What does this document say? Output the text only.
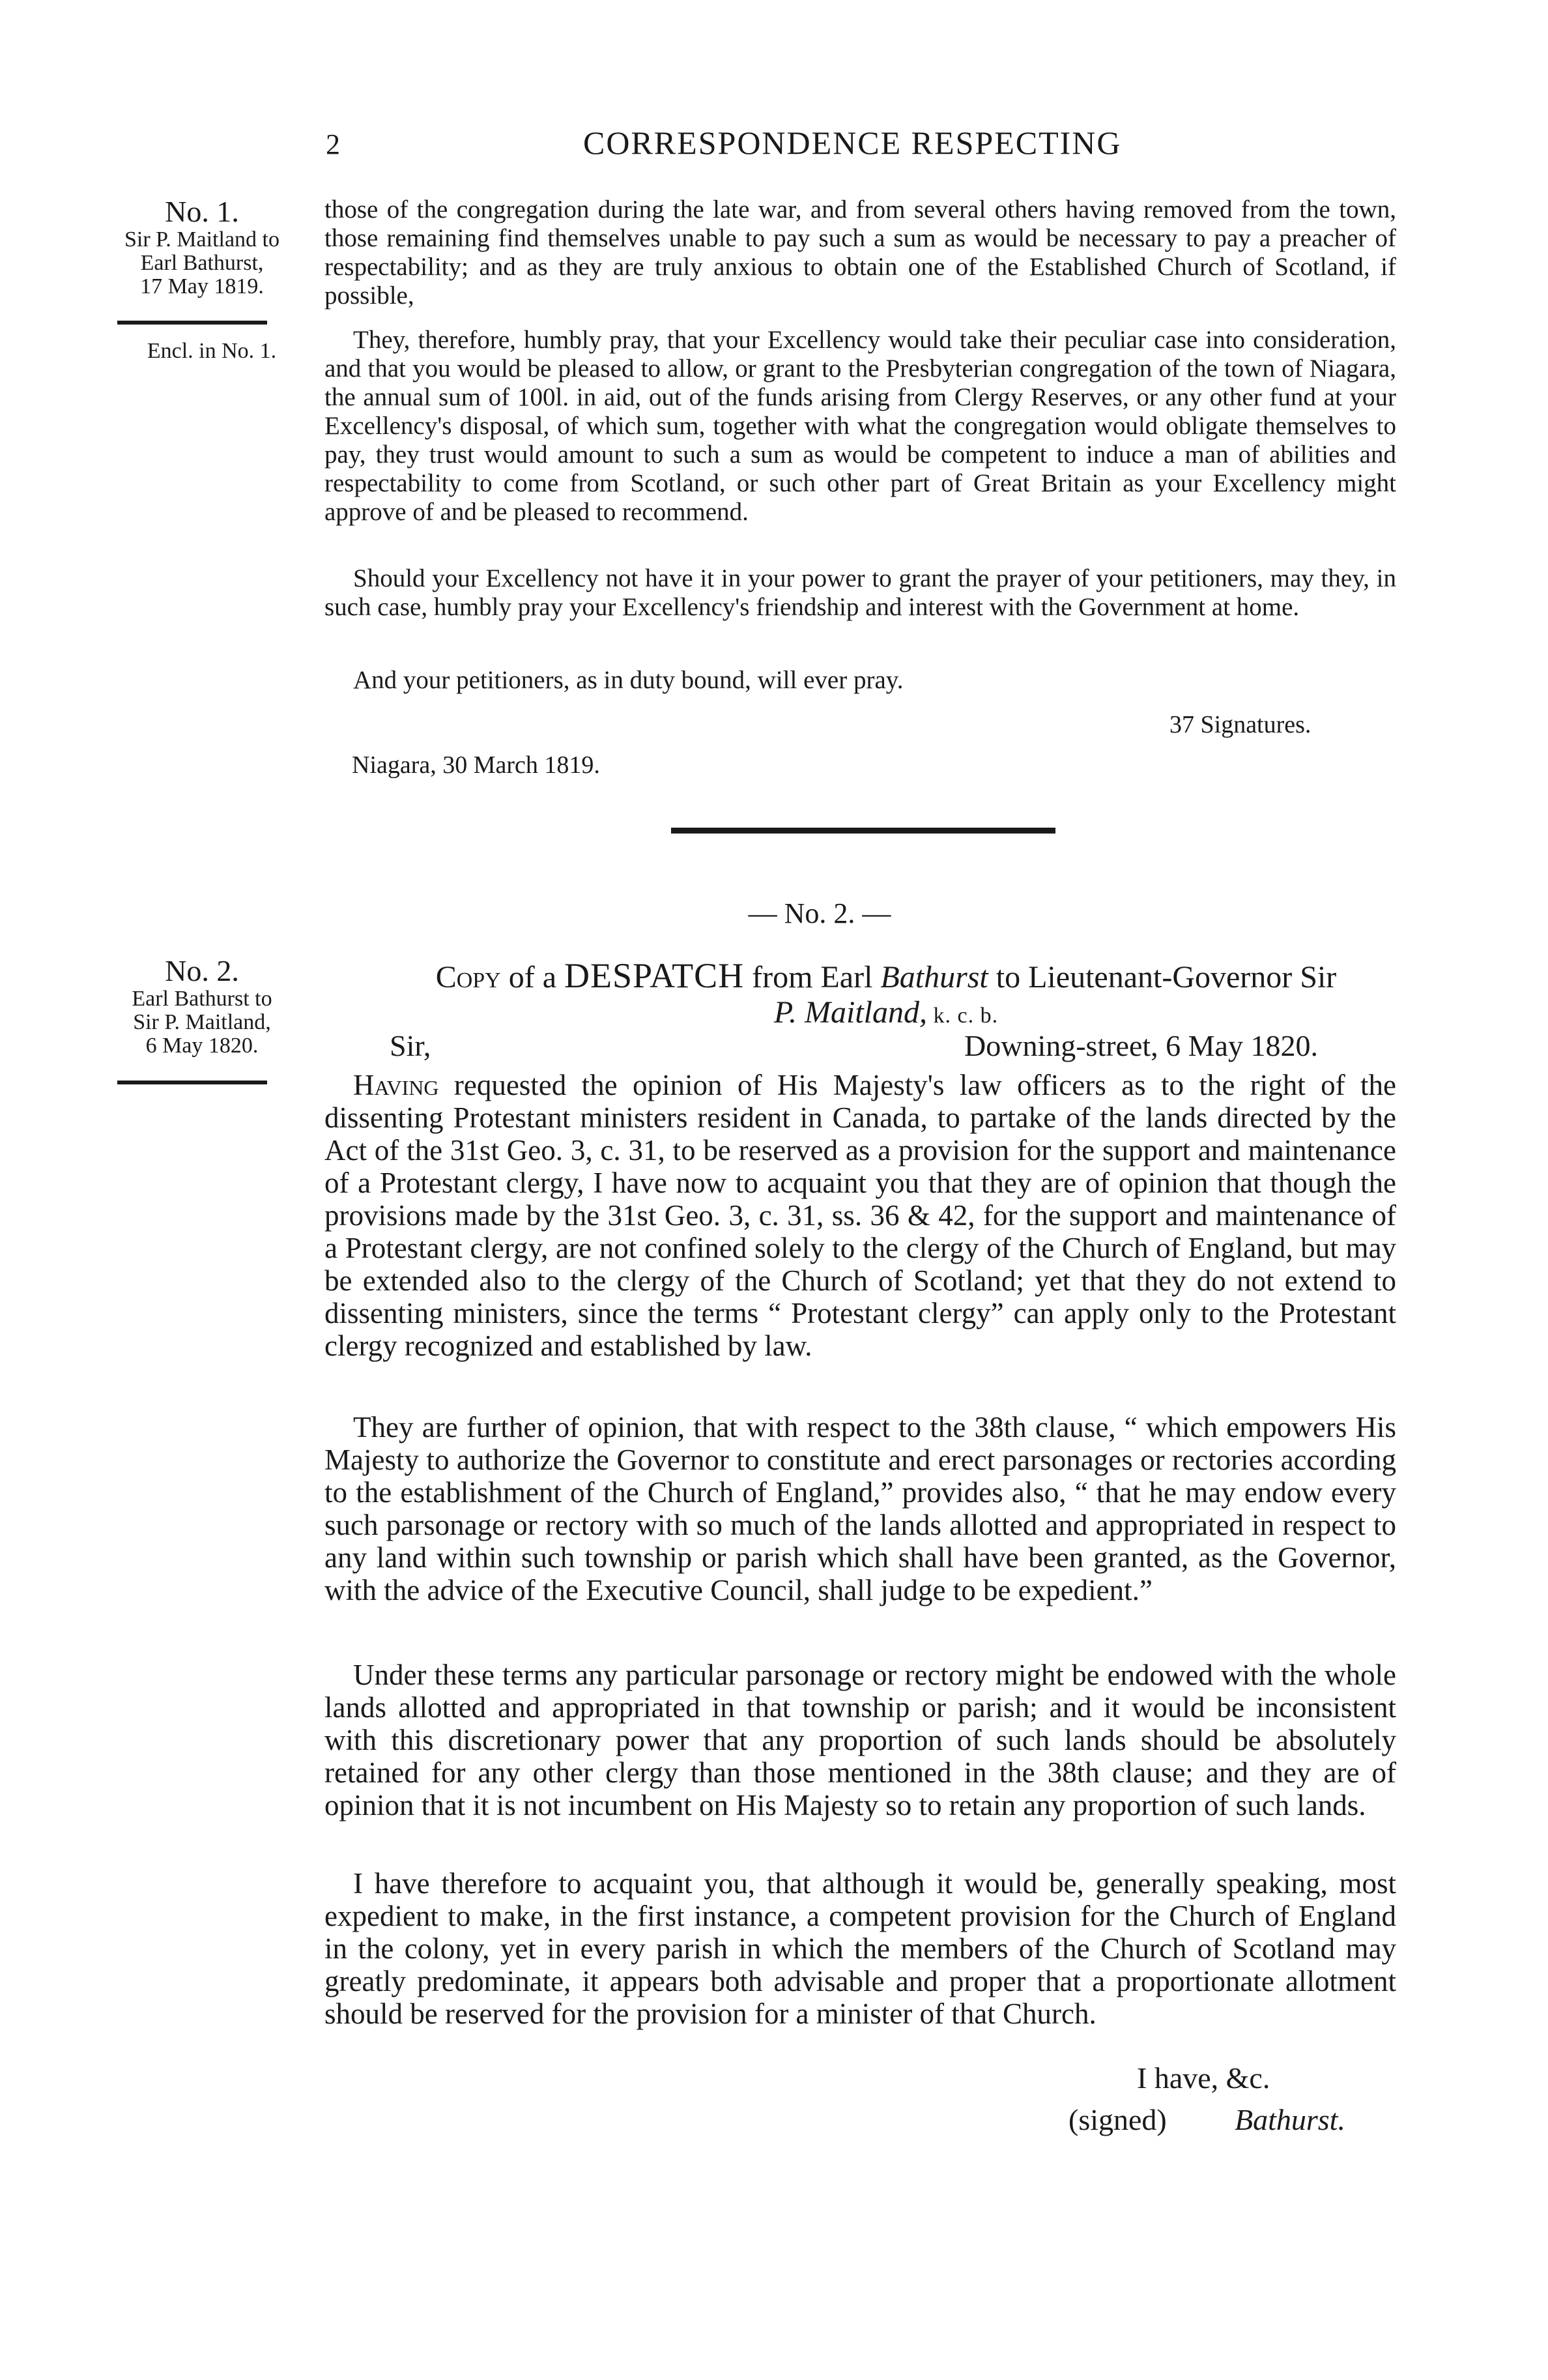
2	CORRESPONDENCE RESPECTING
No. 1.
Sir P. Maitland to
Earl Bathurst,
17 May 1819.
Encl. in No. 1.

those of the congregation during the late war, and from several others having removed from the town, those remaining find themselves unable to pay such a sum as would be necessary to pay a preacher of respectability; and as they are truly anxious to obtain one of the Established Church of Scotland, if possible,

They, therefore, humbly pray, that your Excellency would take their peculiar case into consideration, and that you would be pleased to allow, or grant to the Presbyterian congregation of the town of Niagara, the annual sum of 100l. in aid, out of the funds arising from Clergy Reserves, or any other fund at your Excellency's disposal, of which sum, together with what the congregation would obligate themselves to pay, they trust would amount to such a sum as would be competent to induce a man of abilities and respectability to come from Scotland, or such other part of Great Britain as your Excellency might approve of and be pleased to recommend.

Should your Excellency not have it in your power to grant the prayer of your petitioners, may they, in such case, humbly pray your Excellency's friendship and interest with the Government at home.

And your petitioners, as in duty bound, will ever pray.

37 Signatures.
Niagara, 30 March 1819.
— No. 2. —
No. 2.
Earl Bathurst to
Sir P. Maitland,
6 May 1820.
Copy of a DESPATCH from Earl Bathurst to Lieutenant-Governor Sir
P. Maitland, k. c. b.
Sir,	Downing-street, 6 May 1820.

Having requested the opinion of His Majesty's law officers as to the right of the dissenting Protestant ministers resident in Canada, to partake of the lands directed by the Act of the 31st Geo. 3, c. 31, to be reserved as a provision for the support and maintenance of a Protestant clergy, I have now to acquaint you that they are of opinion that though the provisions made by the 31st Geo. 3, c. 31, ss. 36 & 42, for the support and maintenance of a Protestant clergy, are not confined solely to the clergy of the Church of England, but may be extended also to the clergy of the Church of Scotland; yet that they do not extend to dissenting ministers, since the terms “ Protestant clergy” can apply only to the Protestant clergy recognized and established by law.

They are further of opinion, that with respect to the 38th clause, “ which empowers His Majesty to authorize the Governor to constitute and erect parsonages or rectories according to the establishment of the Church of England,” provides also, “ that he may endow every such parsonage or rectory with so much of the lands allotted and appropriated in respect to any land within such township or parish which shall have been granted, as the Governor, with the advice of the Executive Council, shall judge to be expedient.”

Under these terms any particular parsonage or rectory might be endowed with the whole lands allotted and appropriated in that township or parish; and it would be inconsistent with this discretionary power that any proportion of such lands should be absolutely retained for any other clergy than those mentioned in the 38th clause; and they are of opinion that it is not incumbent on His Majesty so to retain any proportion of such lands.

I have therefore to acquaint you, that although it would be, generally speaking, most expedient to make, in the first instance, a competent provision for the Church of England in the colony, yet in every parish in which the members of the Church of Scotland may greatly predominate, it appears both advisable and proper that a proportionate allotment should be reserved for the provision for a minister of that Church.

I have, &c.
(signed) Bathurst.
